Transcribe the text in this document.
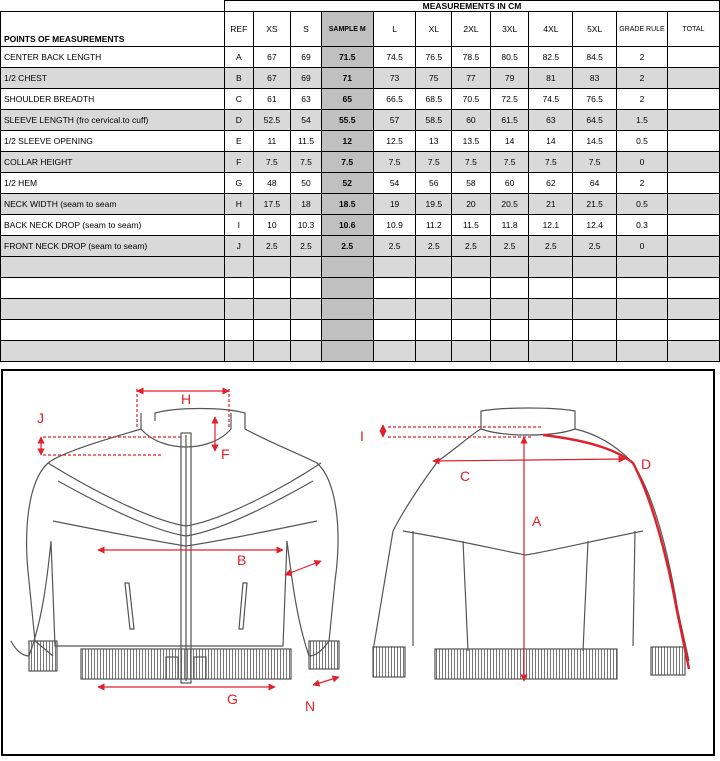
	MEASUREMENTS IN CM											
POINTS OF MEASUREMENTS	REF	XS	S	SAMPLE M	L	XL	2XL	3XL	4XL	5XL	GRADE RULE	TOTAL
CENTER BACK LENGTH	A	67	69	71.5	74.5	76.5	78.5	80.5	82.5	84.5	2	
1/2 CHEST	B	67	69	71	73	75	77	79	81	83	2	
SHOULDER BREADTH	C	61	63	65	66.5	68.5	70.5	72.5	74.5	76.5	2	
SLEEVE LENGTH (fro cervical.to cuff)	D	52.5	54	55.5	57	58.5	60	61.5	63	64.5	1.5	
1/2 SLEEVE OPENING	E	11	11.5	12	12.5	13	13.5	14	14	14.5	0.5	
COLLAR HEIGHT	F	7.5	7.5	7.5	7.5	7.5	7.5	7.5	7.5	7.5	0	
1/2 HEM	G	48	50	52	54	56	58	60	62	64	2	
NECK WIDTH (seam to seam	H	17.5	18	18.5	19	19.5	20	20.5	21	21.5	0.5	
BACK NECK DROP (seam to seam)	I	10	10.3	10.6	10.9	11.2	11.5	11.8	12.1	12.4	0.3	
FRONT NECK DROP (seam to seam)	J	2.5	2.5	2.5	2.5	2.5	2.5	2.5	2.5	2.5	0	

H
F
J
B
G	N
I
C
D
A
